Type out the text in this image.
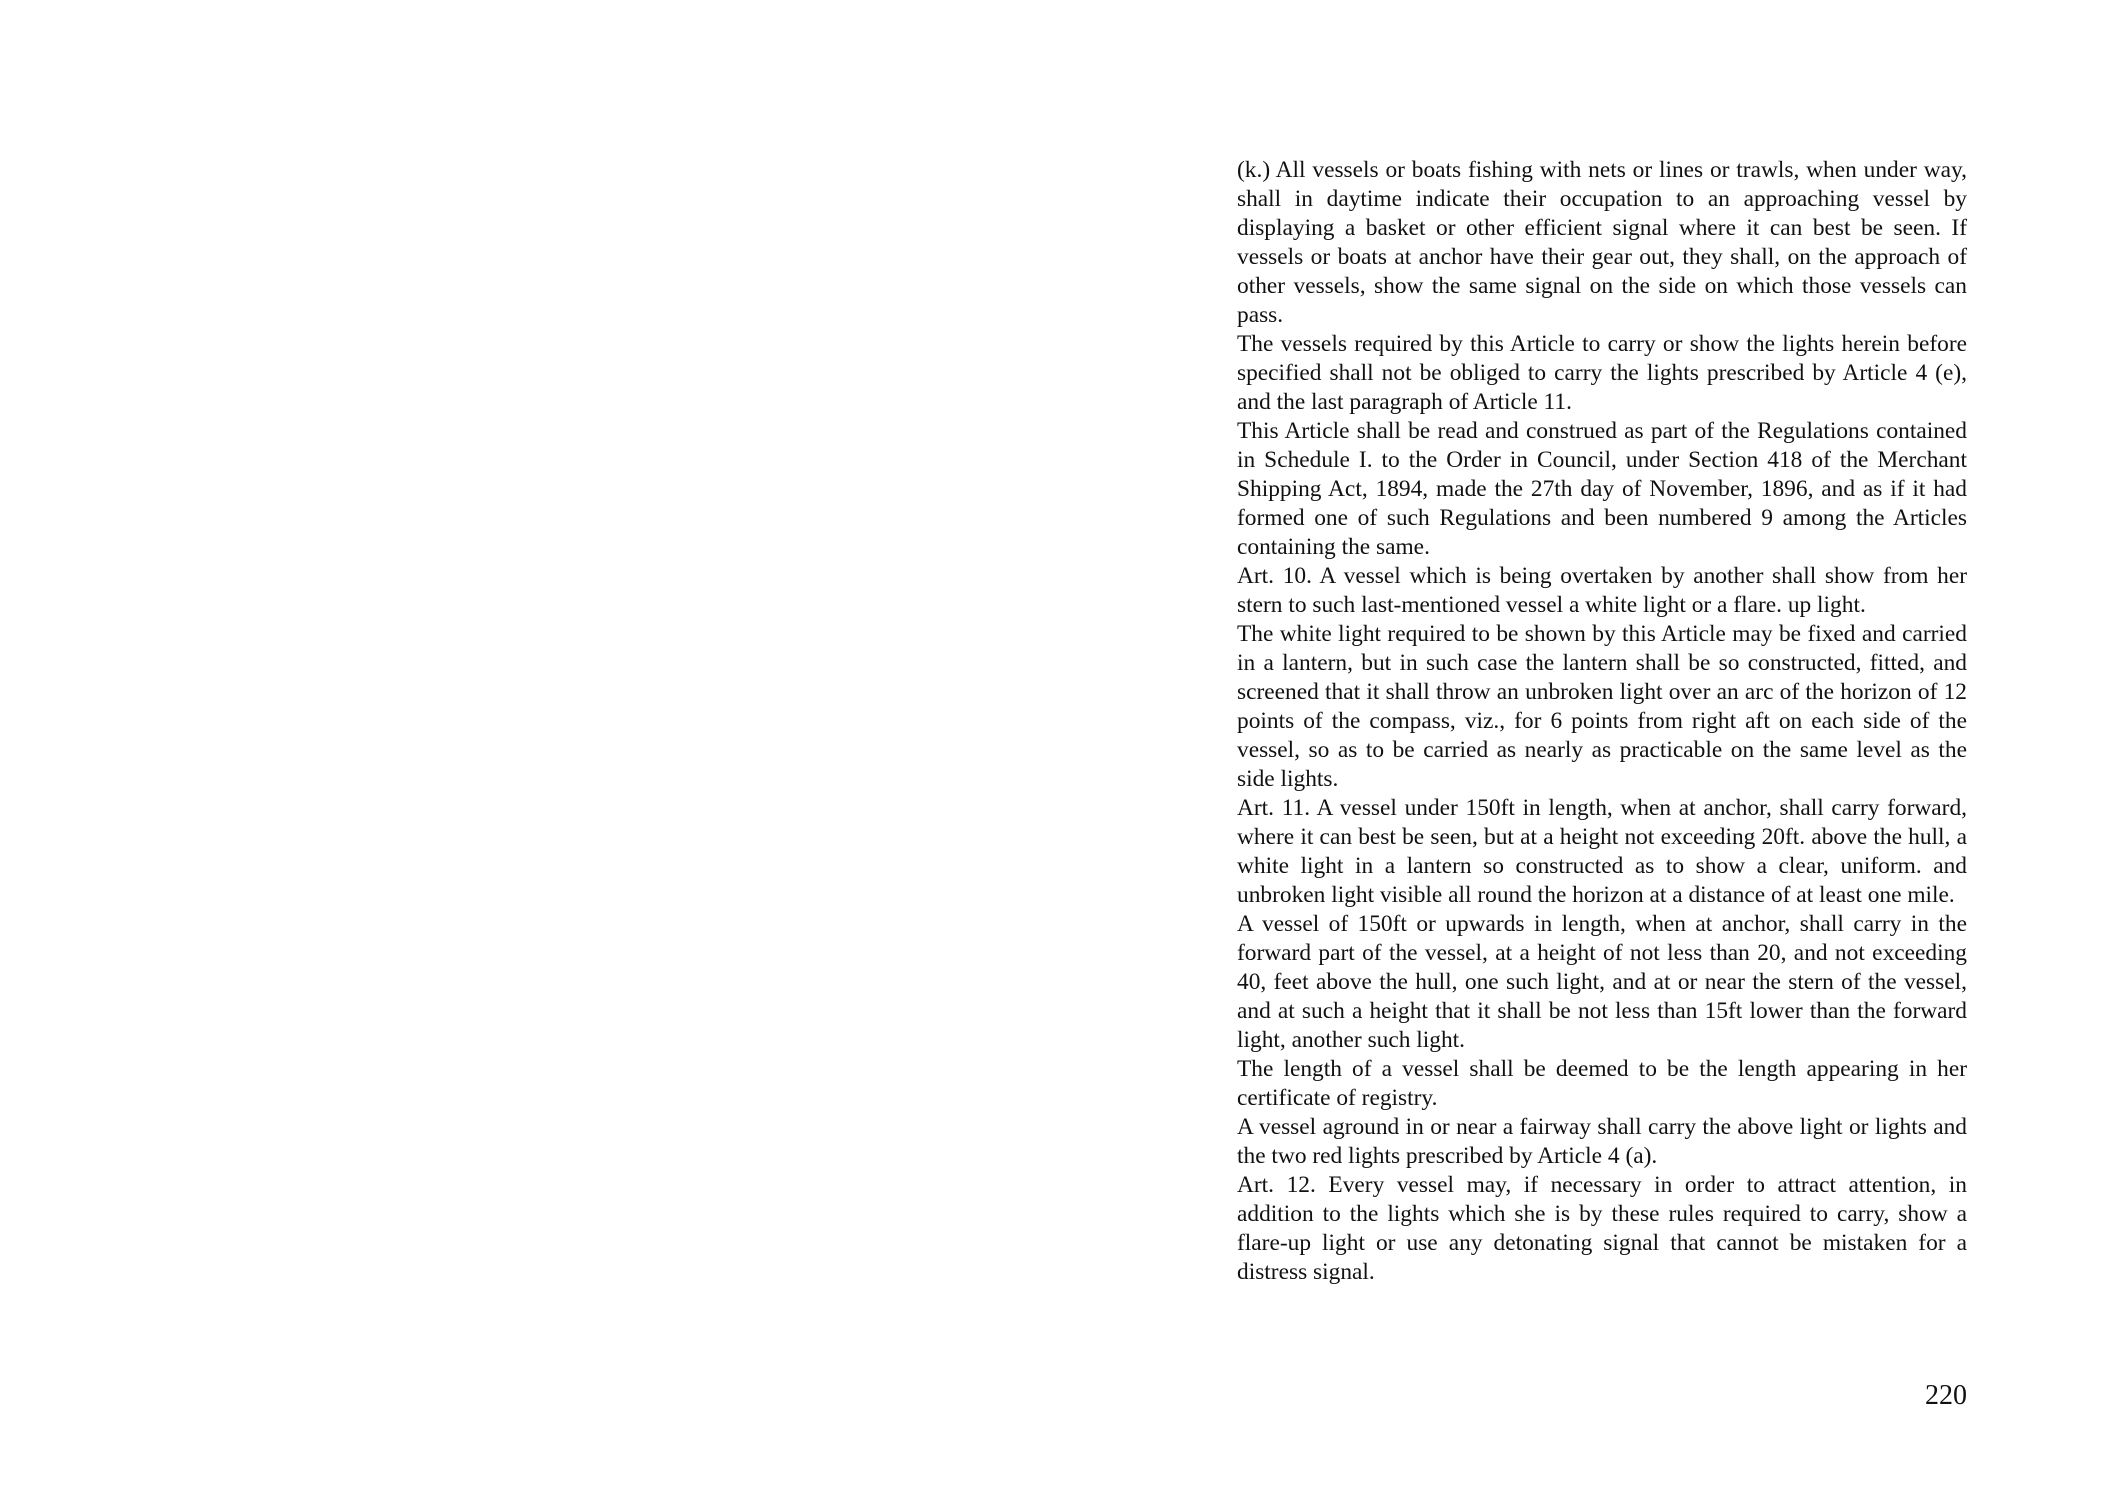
(k.) All vessels or boats fishing with nets or lines or trawls, when under way, shall in daytime indicate their occupation to an approaching vessel by displaying a basket or other efficient signal where it can best be seen. If vessels or boats at anchor have their gear out, they shall, on the approach of other vessels, show the same signal on the side on which those vessels can pass.

The vessels required by this Article to carry or show the lights herein before specified shall not be obliged to carry the lights prescribed by Article 4 (e), and the last paragraph of Article 11.

This Article shall be read and construed as part of the Regulations contained in Schedule I. to the Order in Council, under Section 418 of the Merchant Shipping Act, 1894, made the 27th day of November, 1896, and as if it had formed one of such Regulations and been numbered 9 among the Articles containing the same.

Art. 10. A vessel which is being overtaken by another shall show from her stern to such last-mentioned vessel a white light or a flare. up light.

The white light required to be shown by this Article may be fixed and carried in a lantern, but in such case the lantern shall be so constructed, fitted, and screened that it shall throw an unbroken light over an arc of the horizon of 12 points of the compass, viz., for 6 points from right aft on each side of the vessel, so as to be carried as nearly as practicable on the same level as the side lights.

Art. 11. A vessel under 150ft in length, when at anchor, shall carry forward, where it can best be seen, but at a height not exceeding 20ft. above the hull, a white light in a lantern so constructed as to show a clear, uniform. and unbroken light visible all round the horizon at a distance of at least one mile.

A vessel of 150ft or upwards in length, when at anchor, shall carry in the forward part of the vessel, at a height of not less than 20, and not exceeding 40, feet above the hull, one such light, and at or near the stern of the vessel, and at such a height that it shall be not less than 15ft lower than the forward light, another such light.

The length of a vessel shall be deemed to be the length appearing in her certificate of registry.

A vessel aground in or near a fairway shall carry the above light or lights and the two red lights prescribed by Article 4 (a).

Art. 12. Every vessel may, if necessary in order to attract attention, in addition to the lights which she is by these rules required to carry, show a flare-up light or use any detonating signal that cannot be mistaken for a distress signal.

220
